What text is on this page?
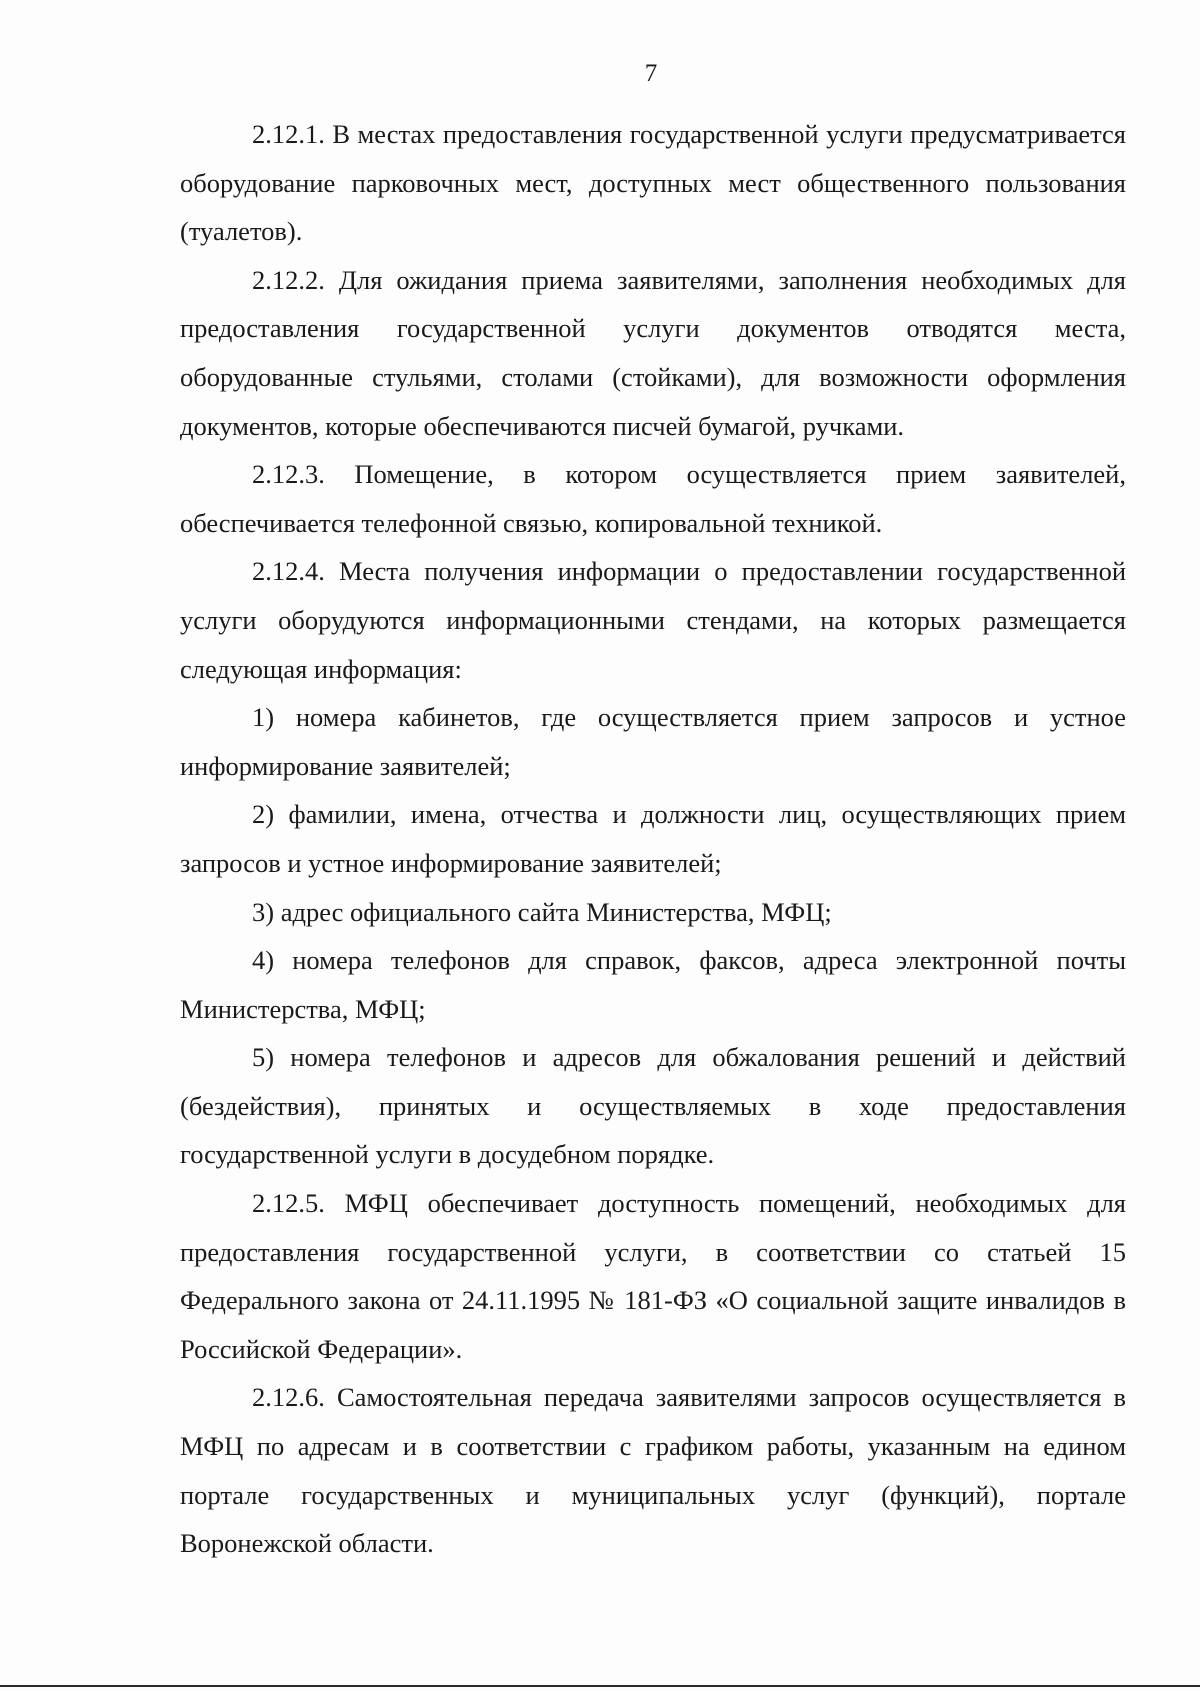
7

2.12.1. В местах предоставления государственной услуги предусматривается оборудование парковочных мест, доступных мест общественного пользования (туалетов).

2.12.2. Для ожидания приема заявителями, заполнения необходимых для предоставления государственной услуги документов отводятся места, оборудованные стульями, столами (стойками), для возможности оформления документов, которые обеспечиваются писчей бумагой, ручками.

2.12.3. Помещение, в котором осуществляется прием заявителей, обеспечивается телефонной связью, копировальной техникой.

2.12.4. Места получения информации о предоставлении государственной услуги оборудуются информационными стендами, на которых размещается следующая информация:

1) номера кабинетов, где осуществляется прием запросов и устное информирование заявителей;

2) фамилии, имена, отчества и должности лиц, осуществляющих прием запросов и устное информирование заявителей;

3) адрес официального сайта Министерства, МФЦ;

4) номера телефонов для справок, факсов, адреса электронной почты Министерства, МФЦ;

5) номера телефонов и адресов для обжалования решений и действий (бездействия), принятых и осуществляемых в ходе предоставления государственной услуги в досудебном порядке.

2.12.5. МФЦ обеспечивает доступность помещений, необходимых для предоставления государственной услуги, в соответствии со статьей 15 Федерального закона от 24.11.1995 № 181-ФЗ «О социальной защите инвалидов в Российской Федерации».

2.12.6. Самостоятельная передача заявителями запросов осуществляется в МФЦ по адресам и в соответствии с графиком работы, указанным на едином портале государственных и муниципальных услуг (функций), портале Воронежской области.
